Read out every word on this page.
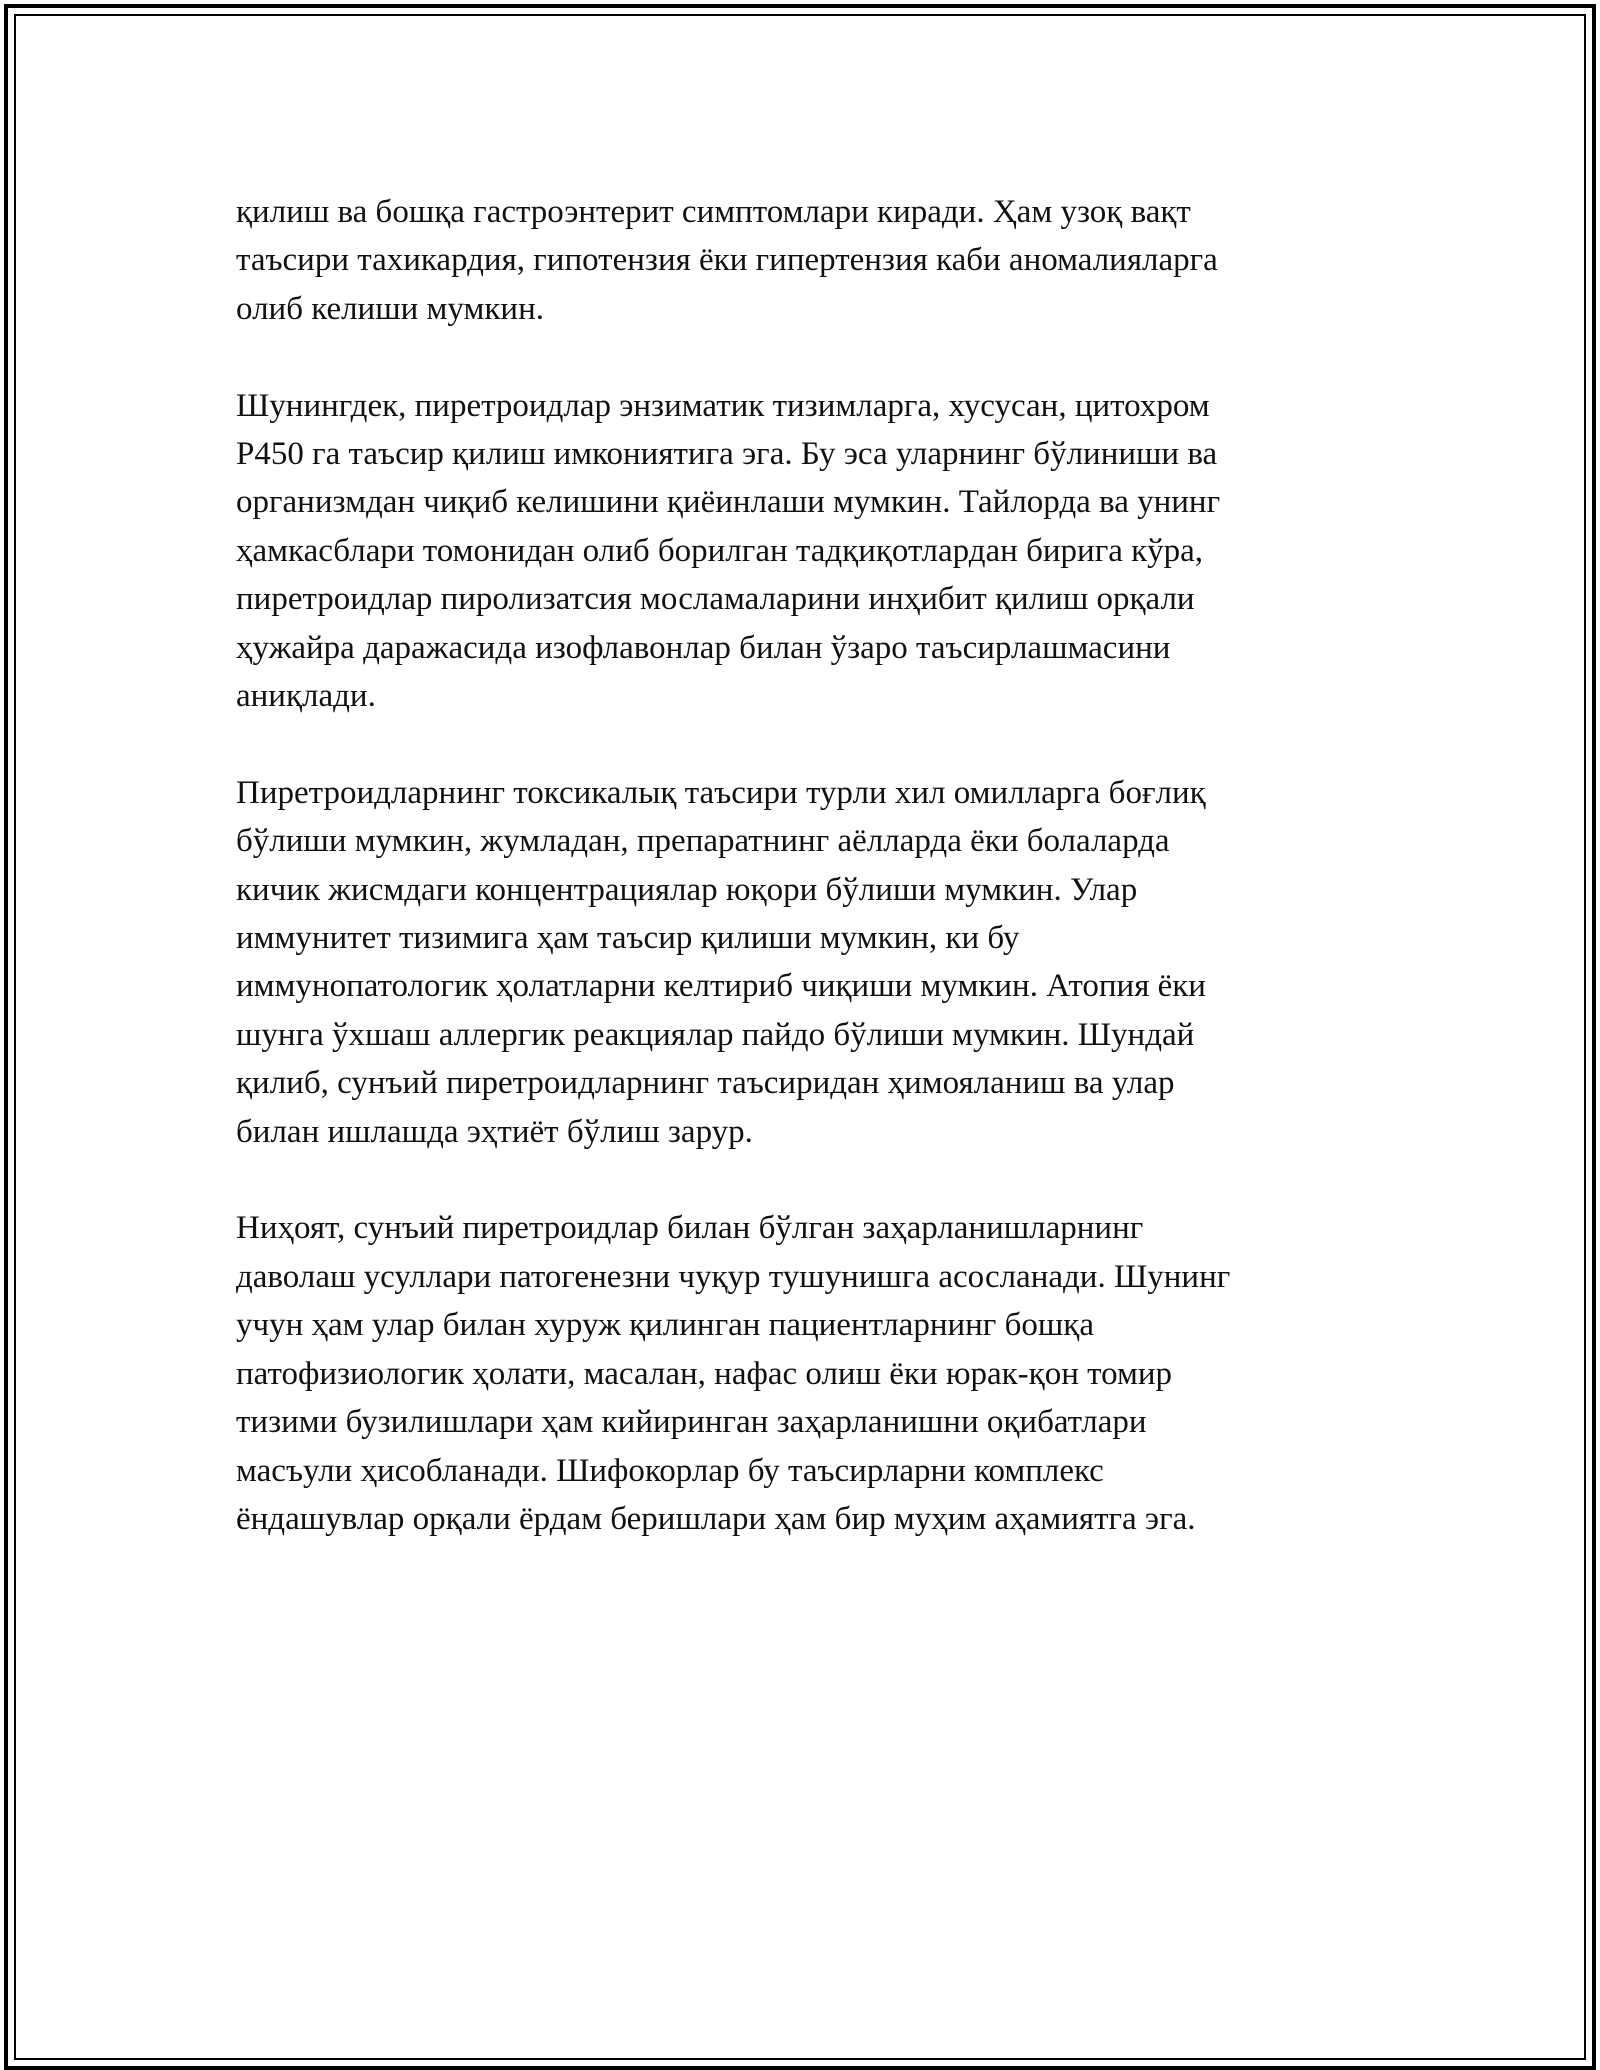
қилиш ва бошқа гастроэнтерит симптомлари киради. Ҳам узоқ вақт
таъсири тахикардия, гипотензия ёки гипертензия каби аномалияларга
олиб келиши мумкин.

Шунингдек, пиретроидлар энзиматик тизимларга, хусусан, цитохром
P450 га таъсир қилиш имкониятига эга. Бу эса уларнинг бўлиниши ва
организмдан чиқиб келишини қиёинлаши мумкин. Тайлорда ва унинг
ҳамкасблари томонидан олиб борилган тадқиқотлардан бирига кўра,
пиретроидлар пиролизатсия мосламаларини инҳибит қилиш орқали
ҳужайра даражасида изофлавонлар билан ўзаро таъсирлашмасини
аниқлади.

Пиретроидларнинг токсикалық таъсири турли хил омилларга боғлиқ
бўлиши мумкин, жумладан, препаратнинг аёлларда ёки болаларда
кичик жисмдаги концентрациялар юқори бўлиши мумкин. Улар
иммунитет тизимига ҳам таъсир қилиши мумкин, ки бу
иммунопатологик ҳолатларни келтириб чиқиши мумкин. Атопия ёки
шунга ўхшаш аллергик реакциялар пайдо бўлиши мумкин. Шундай
қилиб, сунъий пиретроидларнинг таъсиридан ҳимояланиш ва улар
билан ишлашда эҳтиёт бўлиш зарур.

Ниҳоят, сунъий пиретроидлар билан бўлган заҳарланишларнинг
даволаш усуллари патогенезни чуқур тушунишга асосланади. Шунинг
учун ҳам улар билан хуруж қилинган пациентларнинг бошқа
патофизиологик ҳолати, масалан, нафас олиш ёки юрак-қон томир
тизими бузилишлари ҳам кийиринган заҳарланишни оқибатлари
масъули ҳисобланади. Шифокорлар бу таъсирларни комплекс
ёндашувлар орқали ёрдам беришлари ҳам бир муҳим аҳамиятга эга.
